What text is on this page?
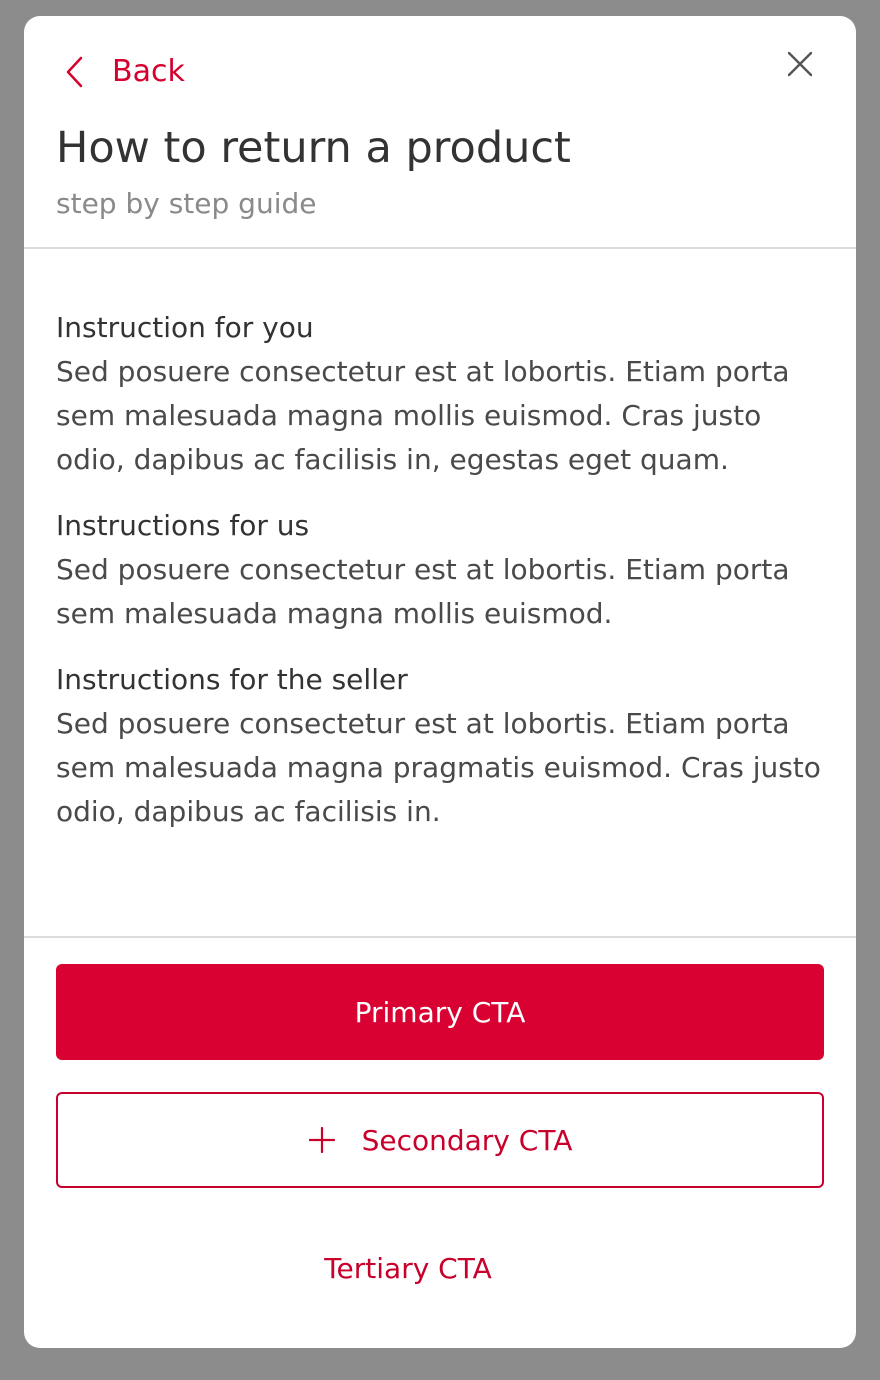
Back
How to return a product
step by step guide
Instruction for you
Sed posuere consectetur est at lobortis. Etiam porta sem malesuada magna mollis euismod. Cras justo odio, dapibus ac facilisis in, egestas eget quam.
Instructions for us
Sed posuere consectetur est at lobortis. Etiam porta sem malesuada magna mollis euismod.
Instructions for the seller
Sed posuere consectetur est at lobortis. Etiam porta sem malesuada magna pragmatis euismod. Cras justo odio, dapibus ac facilisis in.
Primary CTA
Secondary CTA
Tertiary CTA
